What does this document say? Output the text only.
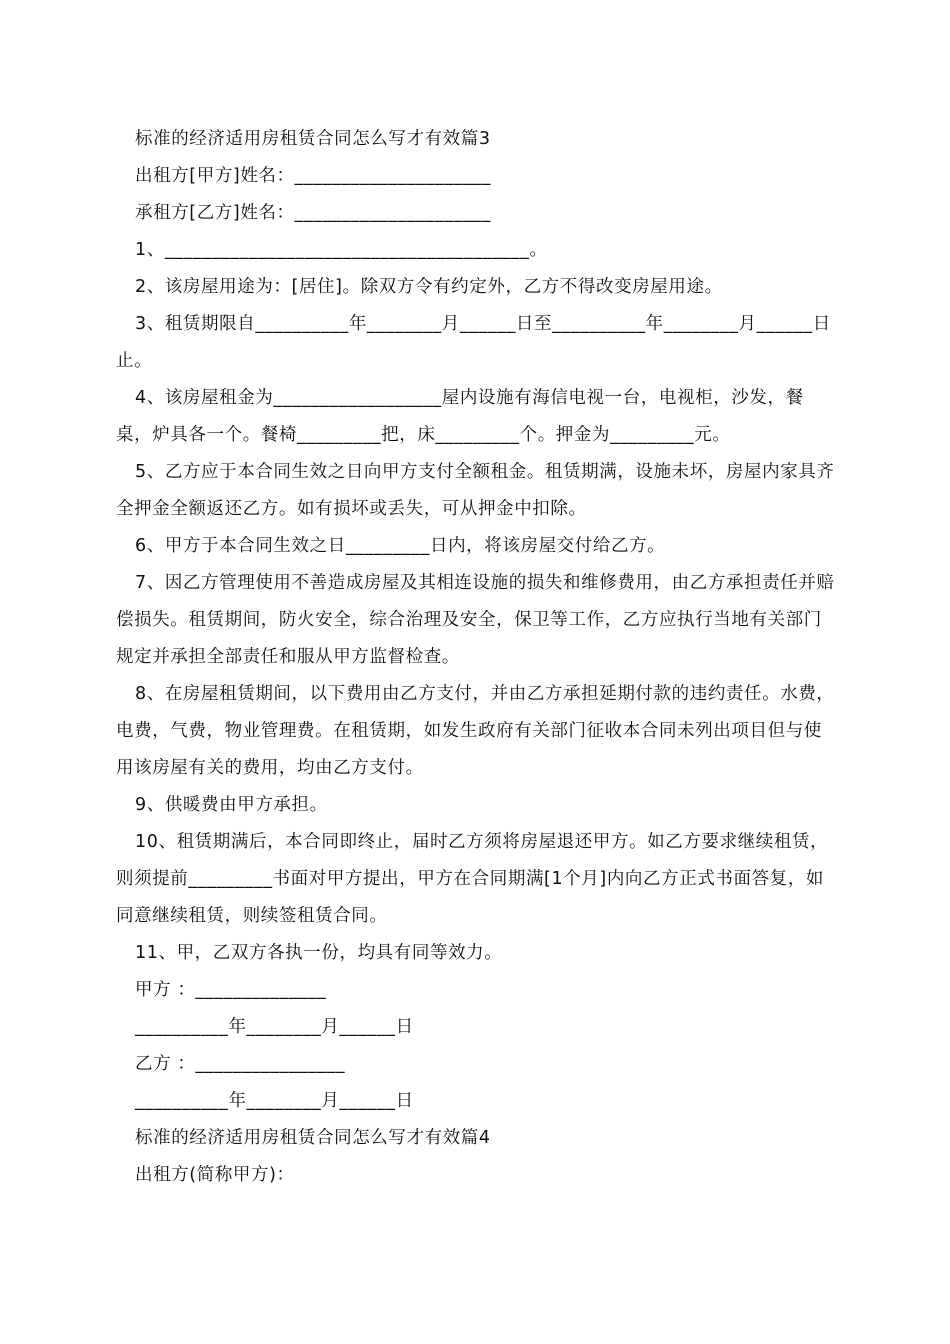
标准的经济适用房租赁合同怎么写才有效篇3

出租方[甲方]姓名：_____________________

承租方[乙方]姓名：_____________________

1、_______________________________________。

2、该房屋用途为：[居住]。除双方令有约定外，乙方不得改变房屋用途。

3、租赁期限自__________年________月______日至__________年________月______日止。

4、该房屋租金为__________________屋内设施有海信电视一台，电视柜，沙发，餐桌，炉具各一个。餐椅_________把，床_________个。押金为_________元。

5、乙方应于本合同生效之日向甲方支付全额租金。租赁期满，设施未坏，房屋内家具齐全押金全额返还乙方。如有损坏或丢失，可从押金中扣除。

6、甲方于本合同生效之日_________日内，将该房屋交付给乙方。

7、因乙方管理使用不善造成房屋及其相连设施的损失和维修费用，由乙方承担责任并赔偿损失。租赁期间，防火安全，综合治理及安全，保卫等工作，乙方应执行当地有关部门规定并承担全部责任和服从甲方监督检查。

8、在房屋租赁期间，以下费用由乙方支付，并由乙方承担延期付款的违约责任。水费，电费，气费，物业管理费。在租赁期，如发生政府有关部门征收本合同未列出项目但与使用该房屋有关的费用，均由乙方支付。

9、供暖费由甲方承担。

10、租赁期满后，本合同即终止，届时乙方须将房屋退还甲方。如乙方要求继续租赁，则须提前_________书面对甲方提出，甲方在合同期满[1个月]内向乙方正式书面答复，如同意继续租赁，则续签租赁合同。

11、甲，乙双方各执一份，均具有同等效力。

甲方 ：______________

__________年________月______日

乙方 ：________________

__________年________月______日

标准的经济适用房租赁合同怎么写才有效篇4

出租方(简称甲方)：
